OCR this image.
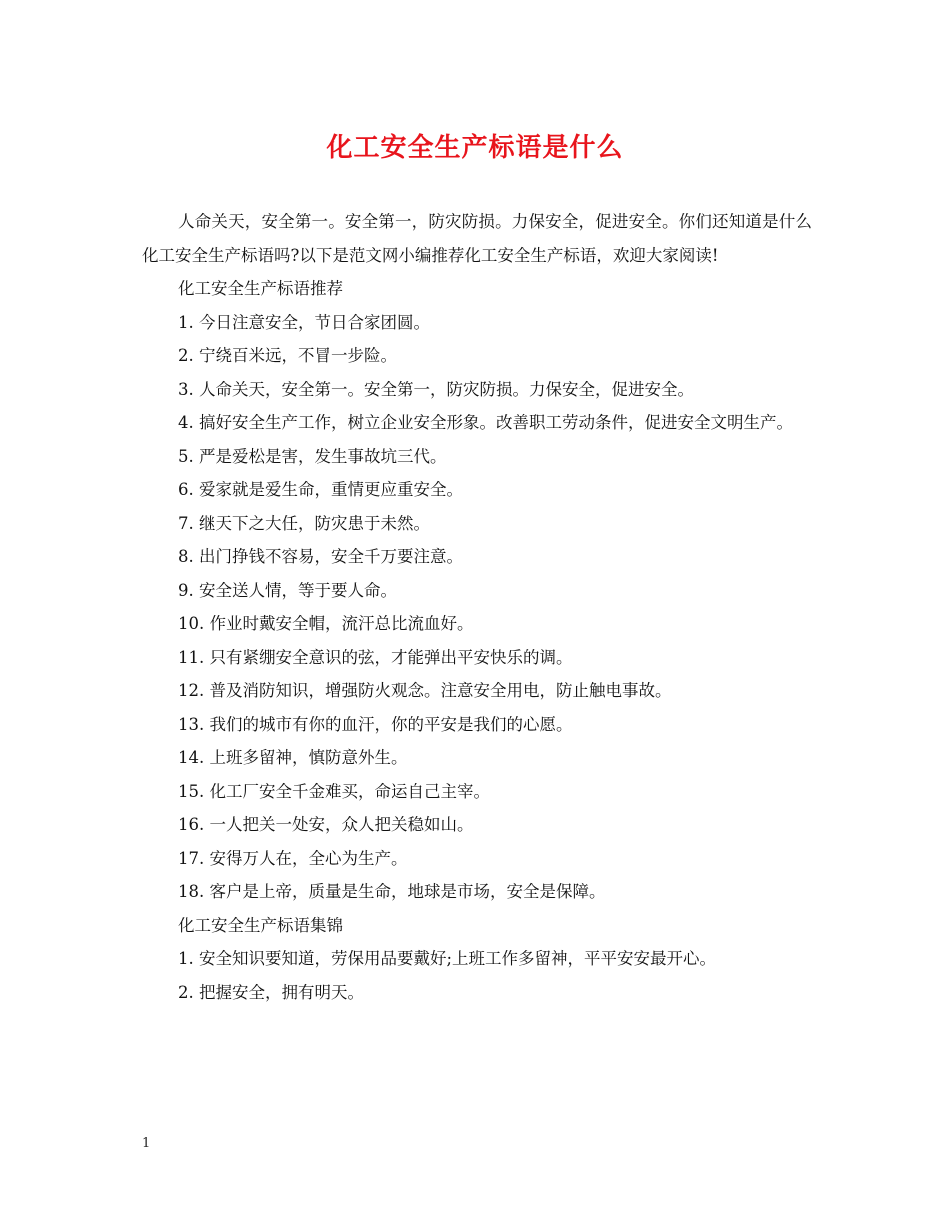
化工安全生产标语是什么

人命关天，安全第一。安全第一，防灾防损。力保安全，促进安全。你们还知道是什么化工安全生产标语吗?以下是范文网小编推荐化工安全生产标语，欢迎大家阅读!

化工安全生产标语推荐

1. 今日注意安全，节日合家团圆。

2. 宁绕百米远，不冒一步险。

3. 人命关天，安全第一。安全第一，防灾防损。力保安全，促进安全。

4. 搞好安全生产工作，树立企业安全形象。改善职工劳动条件，促进安全文明生产。

5. 严是爱松是害，发生事故坑三代。

6. 爱家就是爱生命，重情更应重安全。

7. 继天下之大任，防灾患于未然。

8. 出门挣钱不容易，安全千万要注意。

9. 安全送人情，等于要人命。

10. 作业时戴安全帽，流汗总比流血好。

11. 只有紧绷安全意识的弦，才能弹出平安快乐的调。

12. 普及消防知识，增强防火观念。注意安全用电，防止触电事故。

13. 我们的城市有你的血汗，你的平安是我们的心愿。

14. 上班多留神，慎防意外生。

15. 化工厂安全千金难买，命运自己主宰。

16. 一人把关一处安，众人把关稳如山。

17. 安得万人在，全心为生产。

18. 客户是上帝，质量是生命，地球是市场，安全是保障。

化工安全生产标语集锦

1. 安全知识要知道，劳保用品要戴好;上班工作多留神，平平安安最开心。

2. 把握安全，拥有明天。

1
